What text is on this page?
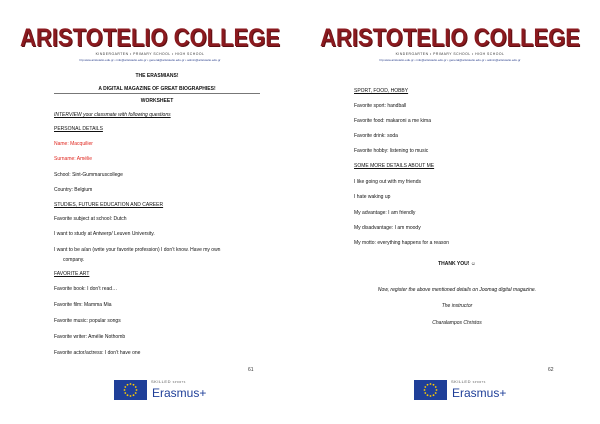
ARISTOTELIO COLLEGE
KINDERGARTEN • PRIMARY SCHOOL • HIGH SCHOOL
hlp:www.aristotelio.edu.gr • info@aristotelio.edu.gr • general@aristotelio.edu.gr • admin@aristotelio.edu.gr
THE ERASMIANS!
A DIGITAL MAGAZINE OF GREAT BIOGRAPHIES!
WORKSHEET
INTERVIEW your classmate with following questions
PERSONAL DETAILS
Name: Macquilier
Surname: Amélie
School: Sint-Gummaruscollege
Country: Belgium
STUDIES, FUTURE EDUCATION AND CAREER
Favorite subject at school: Dutch
I want to study at Antwerp/ Leuven University.
I want to be a/an (write your favorite profession) I don’t know. Have my own
company.
FAVORITE ART
Favorite book: I don’t read…
Favorite film: Mamma Mia
Favorite music: popular songs
Favorite writer: Amélie Nothomb
Favorite actor/actress: I don’t have one
61
SKILLED SPORTS
Erasmus+
ARISTOTELIO COLLEGE
KINDERGARTEN • PRIMARY SCHOOL • HIGH SCHOOL
hlp:www.aristotelio.edu.gr • info@aristotelio.edu.gr • general@aristotelio.edu.gr • admin@aristotelio.edu.gr
SPORT, FOOD, HOBBY
Favorite sport: handball
Favorite food: makaroni a me kima
Favorite drink: soda
Favorite hobby: listening to music
SOME MORE DETAILS ABOUT ME
I like going out with my friends
I hate waking up
My advantage: I am friendly
My disadvantage: I am moody
My motto: everything happens for a reason
THANK YOU! ☺
Now, register the above mentioned details on Joomag digital magazine.
The instructor
Charalampos Christos
62
SKILLED SPORTS
Erasmus+
